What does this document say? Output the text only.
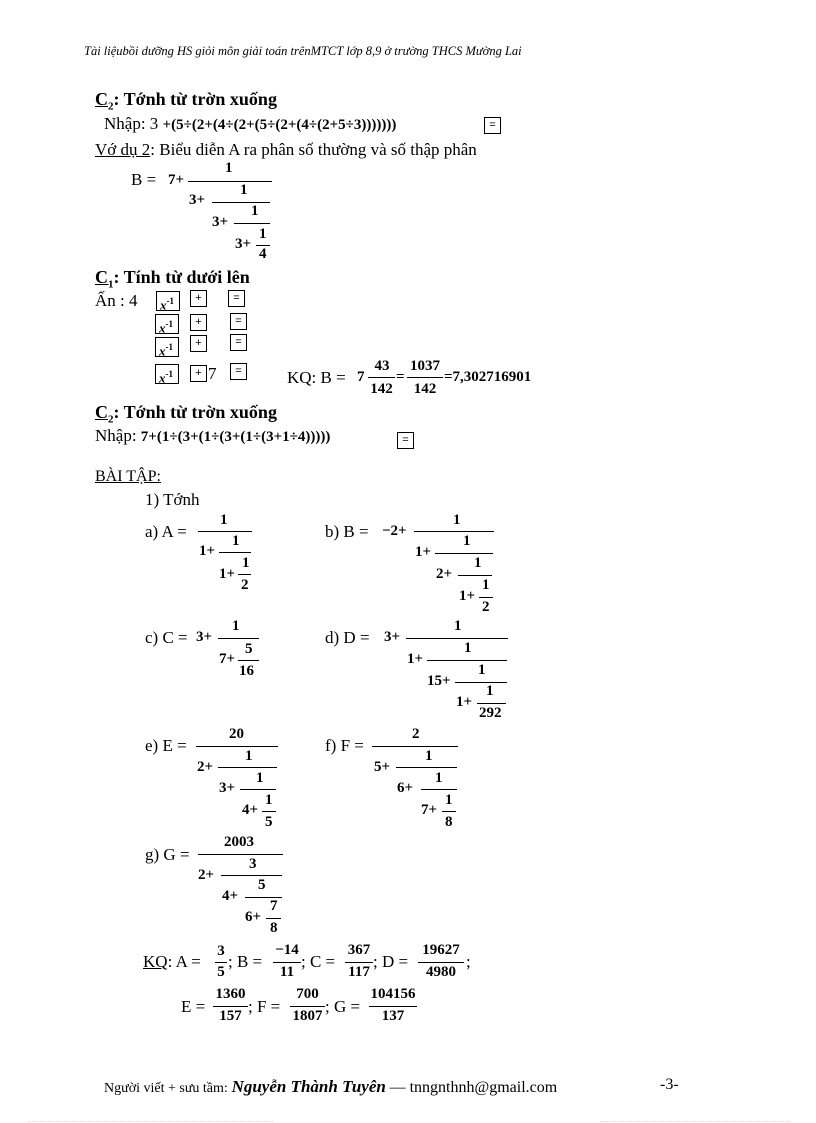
Tài liệubồi dưỡng HS giỏi môn giải toán trênMTCT lớp 8,9 ở trường THCS Mường Lai
$C_2$: Tớnh từ trờn xuống
Nhập: 3 +(5÷(2+(4÷(2+(5÷(2+(4÷(2+5÷3)))))))	=
Vớ dụ 2: Biểu diễn A ra phân số thường và số thập phân
B = 7+
1
3+
1
3+
1
3+
1
4
$C_1$: Tính từ dưới lên
Ấn : 4	$x^{-1}$	+	=
$x^{-1}$	+	=
$x^{-1}$	+	=
$x^{-1}$	+ 7	=	KQ: B = 7
43
142
=
1037
142
=7,302716901
$C_2$: Tớnh từ trờn xuống
Nhập: 7+(1÷(3+(1÷(3+(1÷(3+1÷4)))))	=
BÀI TẬP:
1) Tớnh
a) A =
1
1+
1
1+
1
2
b) B = −2+
1
1+
1
2+
1
1+
1
2
c) C = 3+
1
7+
5
16
d) D = 3+
1
1+
1
15+
1
1+
1
292
e) E =
20
2+
1
3+
1
4+
1
5
f) F =
2
5+
1
6+
1
7+
1
8
g) G =
2003
2+
3
4+
5
6+
7
8
KQ: A =
3
5
; B =
−14
11
; C =
367
117
; D =
19627
4980
;
E =
1360
157 ; F =
700
1807 ; G =
104156
137
Người viết + sưu tầm: Nguyễn Thành Tuyên — tnngnthnh@gmail.com	-3-
